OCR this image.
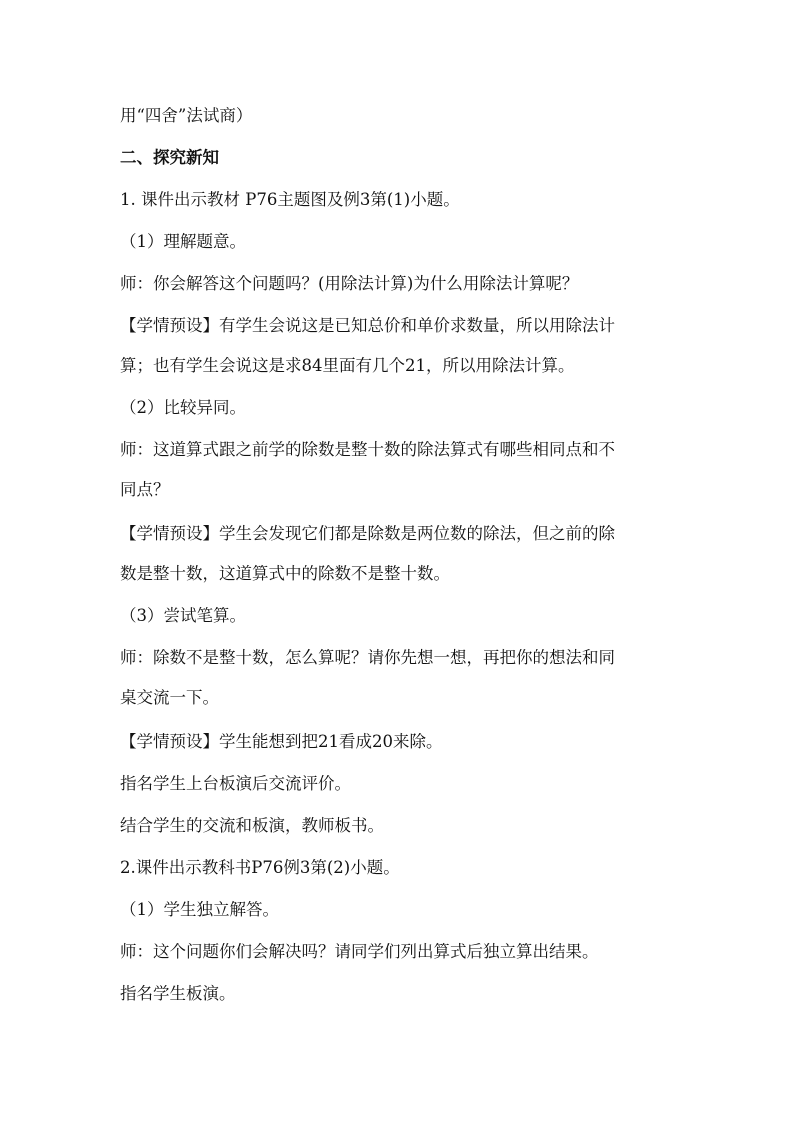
用“四舍”法试商）
二、探究新知
1. 课件出示教材 P76主题图及例3第(1)小题。
（1）理解题意。
师：你会解答这个问题吗？(用除法计算)为什么用除法计算呢？
【学情预设】有学生会说这是已知总价和单价求数量，所以用除法计
算；也有学生会说这是求84里面有几个21，所以用除法计算。
（2）比较异同。
师：这道算式跟之前学的除数是整十数的除法算式有哪些相同点和不
同点？
【学情预设】学生会发现它们都是除数是两位数的除法，但之前的除
数是整十数，这道算式中的除数不是整十数。
（3）尝试笔算。
师：除数不是整十数，怎么算呢？请你先想一想，再把你的想法和同
桌交流一下。
【学情预设】学生能想到把21看成20来除。
指名学生上台板演后交流评价。
结合学生的交流和板演，教师板书。
2.课件出示教科书P76例3第(2)小题。
（1）学生独立解答。
师：这个问题你们会解决吗？请同学们列出算式后独立算出结果。
指名学生板演。
